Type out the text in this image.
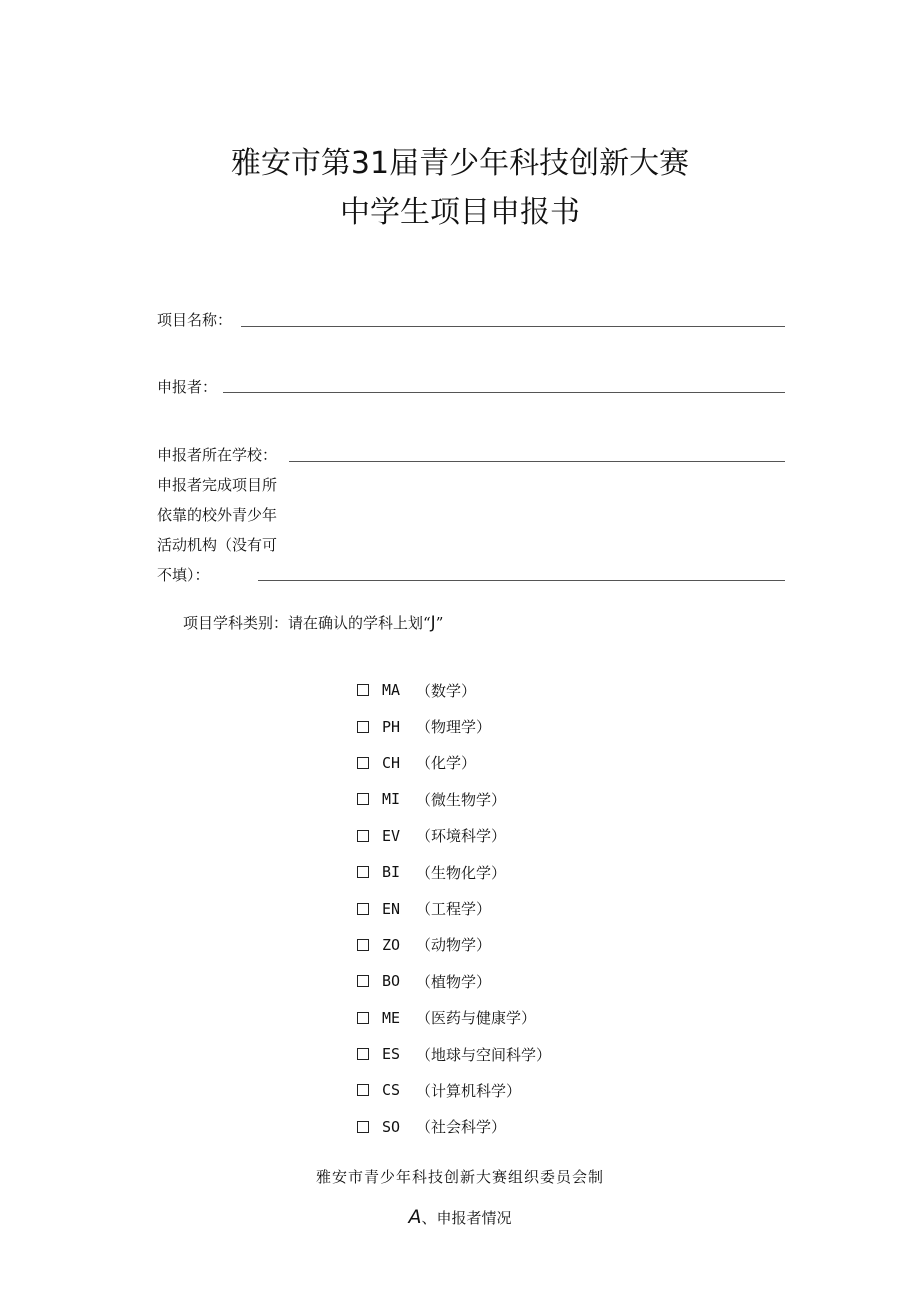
雅安市第31届青少年科技创新大赛
中学生项目申报书
项目名称：
申报者：
申报者所在学校：
申报者完成项目所
依靠的校外青少年
活动机构（没有可
不填）：
项目学科类别：请在确认的学科上划“J”
MA	（数学）
PH	（物理学）
CH	（化学）
MI	（微生物学）
EV	（环境科学）
BI	（生物化学）
EN	（工程学）
ZO	（动物学）
BO	（植物学）
ME	（医药与健康学）
ES	（地球与空间科学）
CS	（计算机科学）
SO	（社会科学）
雅安市青少年科技创新大赛组织委员会制
A、申报者情况
